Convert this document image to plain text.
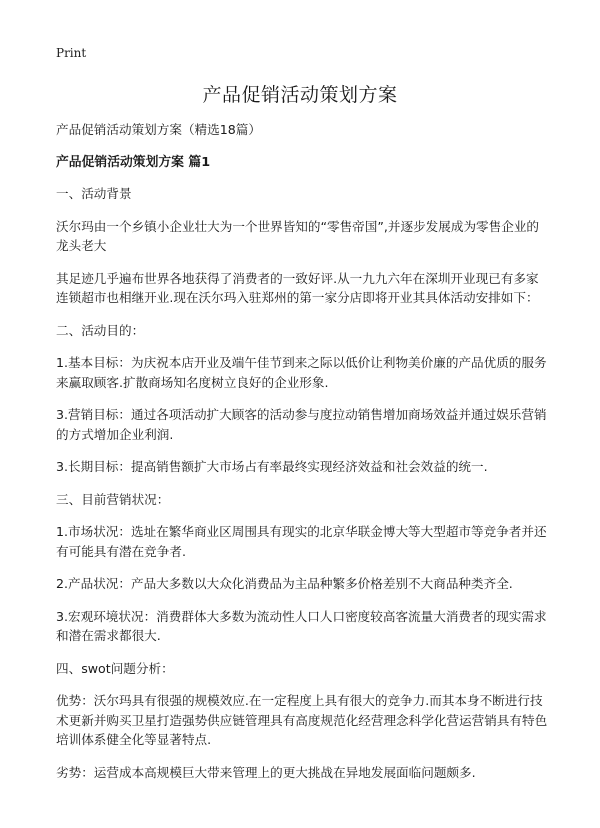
Print
产品促销活动策划方案

产品促销活动策划方案（精选18篇）

产品促销活动策划方案 篇1

一、活动背景

沃尔玛由一个乡镇小企业壮大为一个世界皆知的“零售帝国”,并逐步发展成为零售企业的龙头老大

其足迹几乎遍布世界各地获得了消费者的一致好评.从一九九六年在深圳开业现已有多家连锁超市也相继开业.现在沃尔玛入驻郑州的第一家分店即将开业其具体活动安排如下：

二、活动目的：

1.基本目标：为庆祝本店开业及端午佳节到来之际以低价让利物美价廉的产品优质的服务来赢取顾客.扩散商场知名度树立良好的企业形象.

3.营销目标：通过各项活动扩大顾客的活动参与度拉动销售增加商场效益并通过娱乐营销的方式增加企业利润.

3.长期目标：提高销售额扩大市场占有率最终实现经济效益和社会效益的统一.

三、目前营销状况：

1.市场状况：选址在繁华商业区周围具有现实的北京华联金博大等大型超市等竞争者并还有可能具有潜在竞争者.

2.产品状况：产品大多数以大众化消费品为主品种繁多价格差别不大商品种类齐全.

3.宏观环境状况：消费群体大多数为流动性人口人口密度较高客流量大消费者的现实需求和潜在需求都很大.

四、swot问题分析：

优势：沃尔玛具有很强的规模效应.在一定程度上具有很大的竞争力.而其本身不断进行技术更新并购买卫星打造强势供应链管理具有高度规范化经营理念科学化营运营销具有特色培训体系健全化等显著特点.

劣势：运营成本高规模巨大带来管理上的更大挑战在异地发展面临问题颇多.
